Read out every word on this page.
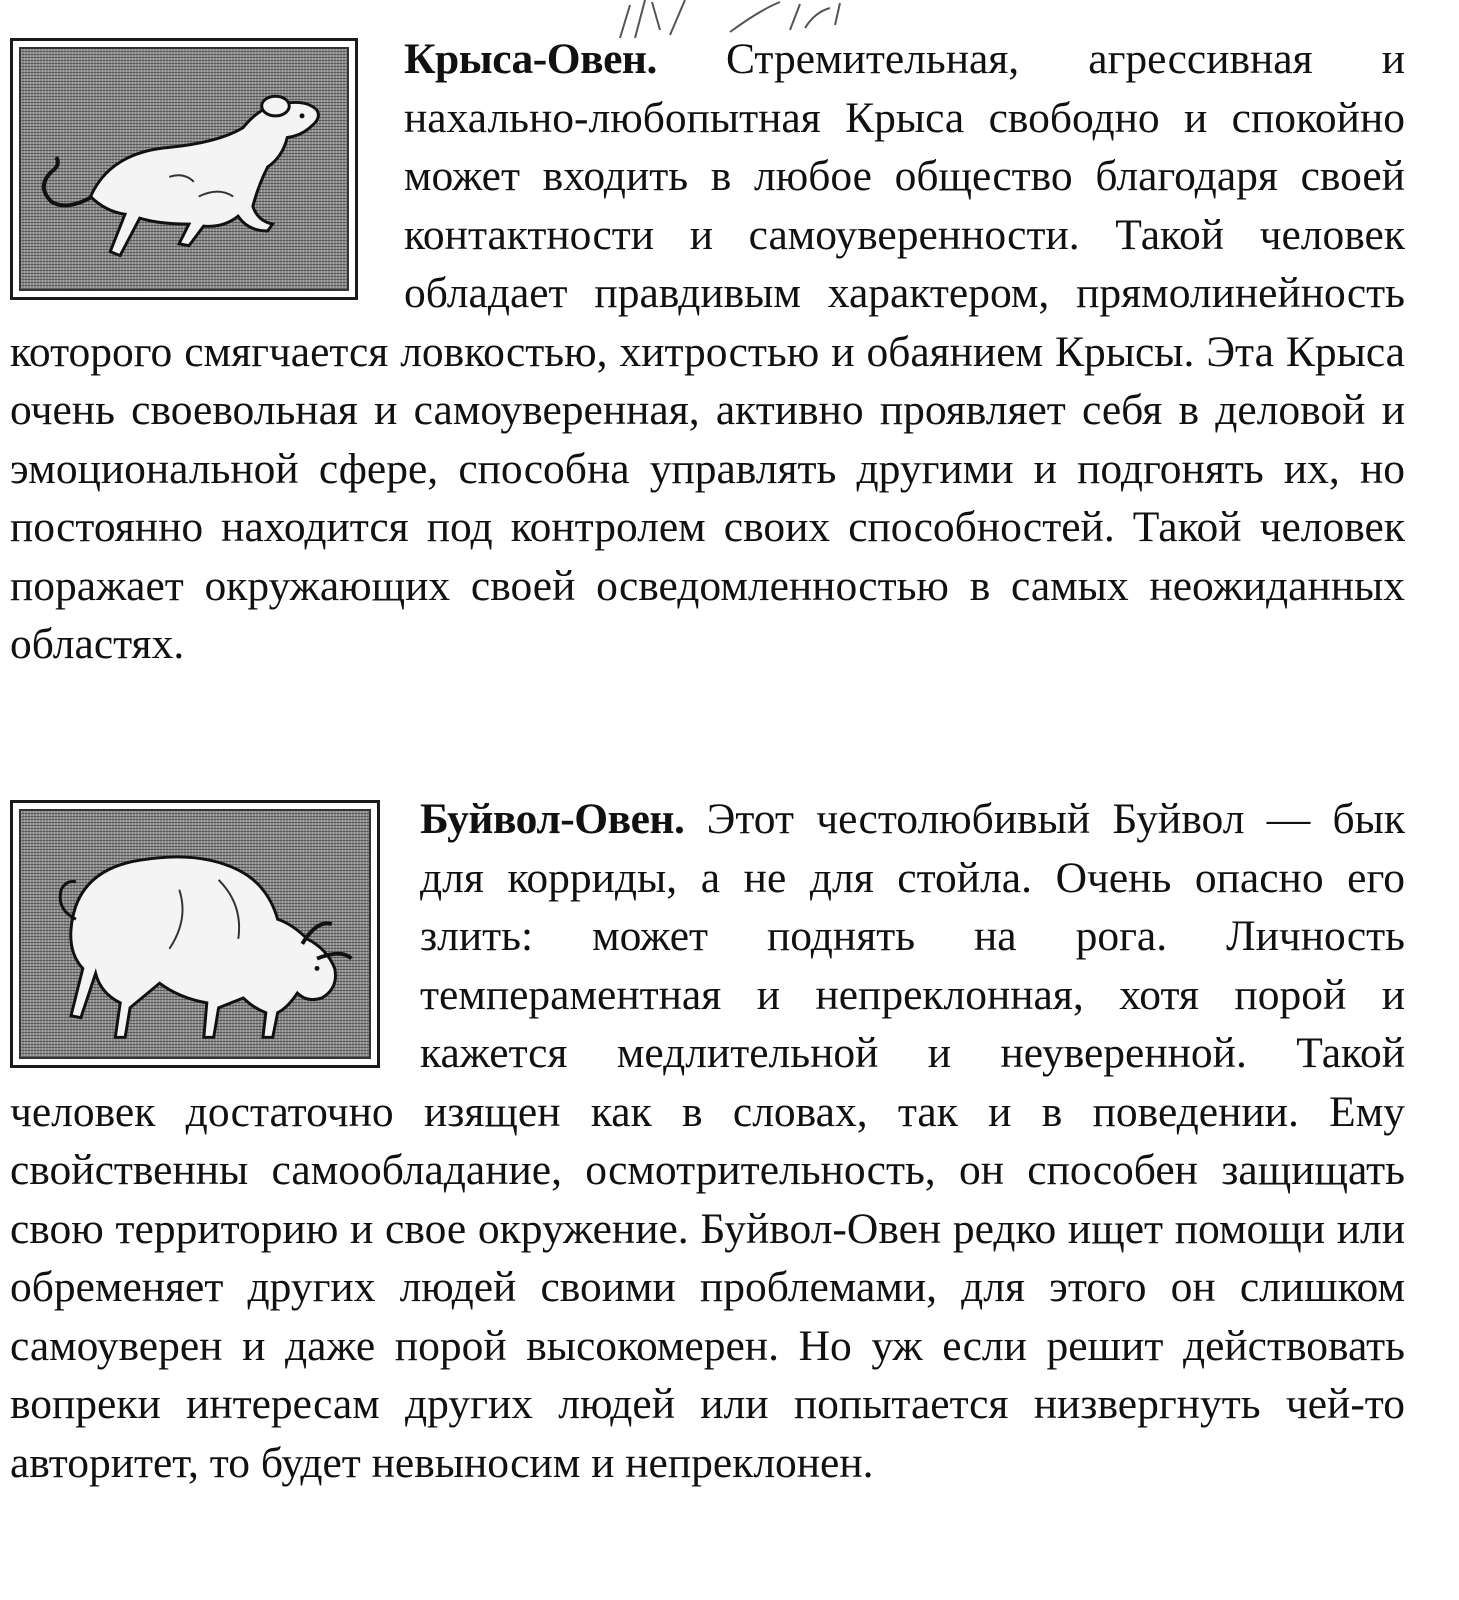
Крыса-Овен. Стремительная, агрессивная и нахально-любопытная Крыса свободно и спокойно может входить в любое общество благодаря своей контактности и самоуверенности. Такой человек обладает правдивым характером, прямолинейность которого смягчается ловкостью, хитростью и обаянием Крысы. Эта Крыса очень своевольная и самоуверенная, активно проявляет себя в деловой и эмоциональной сфере, способна управлять другими и подгонять их, но постоянно находится под контролем своих способностей. Такой человек поражает окружающих своей осведомленностью в самых неожиданных областях.

Буйвол-Овен. Этот честолюбивый Буйвол — бык для корриды, а не для стойла. Очень опасно его злить: может поднять на рога. Личность темпераментная и непреклонная, хотя порой и кажется медлительной и неуверенной. Такой человек достаточно изящен как в словах, так и в поведении. Ему свойственны самообладание, осмотрительность, он способен защищать свою территорию и свое окружение. Буйвол-Овен редко ищет помощи или обременяет других людей своими проблемами, для этого он слишком самоуверен и даже порой высокомерен. Но уж если решит действовать вопреки интересам других людей или попытается низвергнуть чей-то авторитет, то будет невыносим и непреклонен.
